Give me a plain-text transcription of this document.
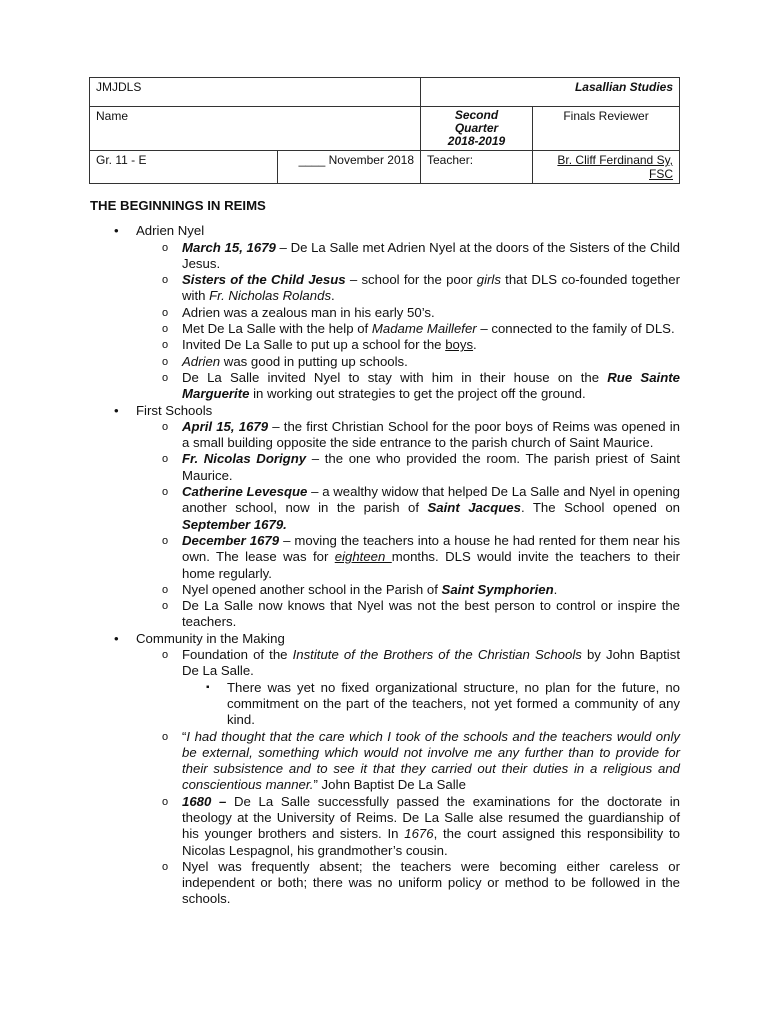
JMJDLS		Lasallian Studies	
Name		Second
Quarter
2018-2019	Finals Reviewer
Gr. 11 - E	____ November 2018	Teacher:	Br. Cliff Ferdinand Sy, FSC
THE BEGINNINGS IN REIMS
• Adrien Nyel
o March 15, 1679 – De La Salle met Adrien Nyel at the doors of the Sisters of the Child Jesus.
o Sisters of the Child Jesus – school for the poor girls that DLS co-founded together with Fr. Nicholas Rolands.
o Adrien was a zealous man in his early 50’s.
o Met De La Salle with the help of Madame Maillefer – connected to the family of DLS.
o Invited De La Salle to put up a school for the boys.
o Adrien was good in putting up schools.
o De La Salle invited Nyel to stay with him in their house on the Rue Sainte Marguerite in working out strategies to get the project off the ground.
• First Schools
o April 15, 1679 – the first Christian School for the poor boys of Reims was opened in a small building opposite the side entrance to the parish church of Saint Maurice.
o Fr. Nicolas Dorigny – the one who provided the room. The parish priest of Saint Maurice.
o Catherine Levesque – a wealthy widow that helped De La Salle and Nyel in opening another school, now in the parish of Saint Jacques. The School opened on September 1679.
o December 1679 – moving the teachers into a house he had rented for them near his own. The lease was for eighteen months. DLS would invite the teachers to their home regularly.
o Nyel opened another school in the Parish of Saint Symphorien.
o De La Salle now knows that Nyel was not the best person to control or inspire the teachers.
• Community in the Making
o Foundation of the Institute of the Brothers of the Christian Schools by John Baptist De La Salle.
▪ There was yet no fixed organizational structure, no plan for the future, no commitment on the part of the teachers, not yet formed a community of any kind.
o “I had thought that the care which I took of the schools and the teachers would only be external, something which would not involve me any further than to provide for their subsistence and to see it that they carried out their duties in a religious and conscientious manner.” John Baptist De La Salle
o 1680 – De La Salle successfully passed the examinations for the doctorate in theology at the University of Reims. De La Salle alse resumed the guardianship of his younger brothers and sisters. In 1676, the court assigned this responsibility to Nicolas Lespagnol, his grandmother’s cousin.
o Nyel was frequently absent; the teachers were becoming either careless or independent or both; there was no uniform policy or method to be followed in the schools.
